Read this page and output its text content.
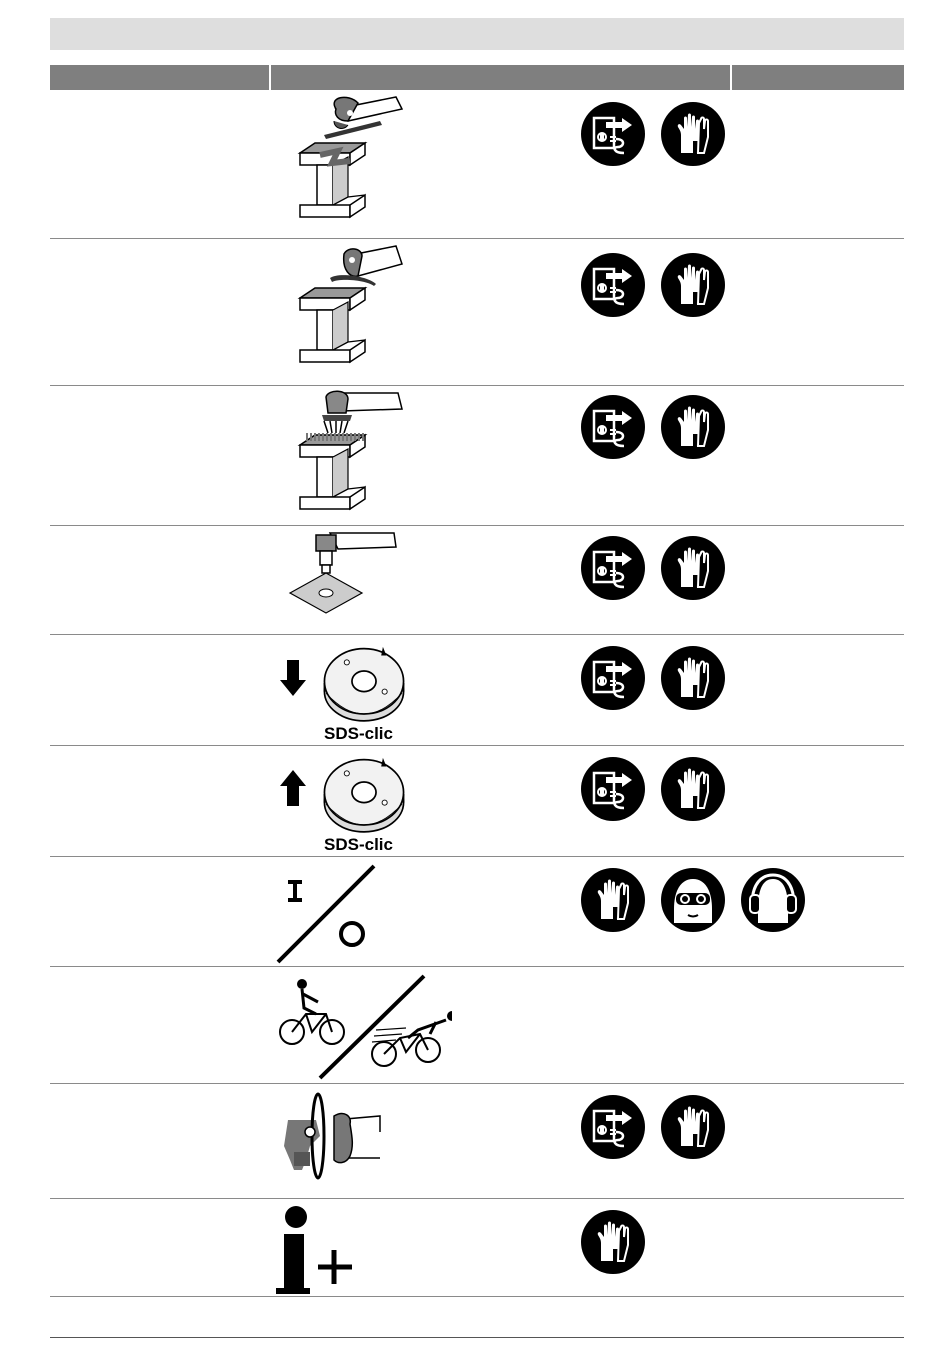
SDS-clic
SDS-clic
